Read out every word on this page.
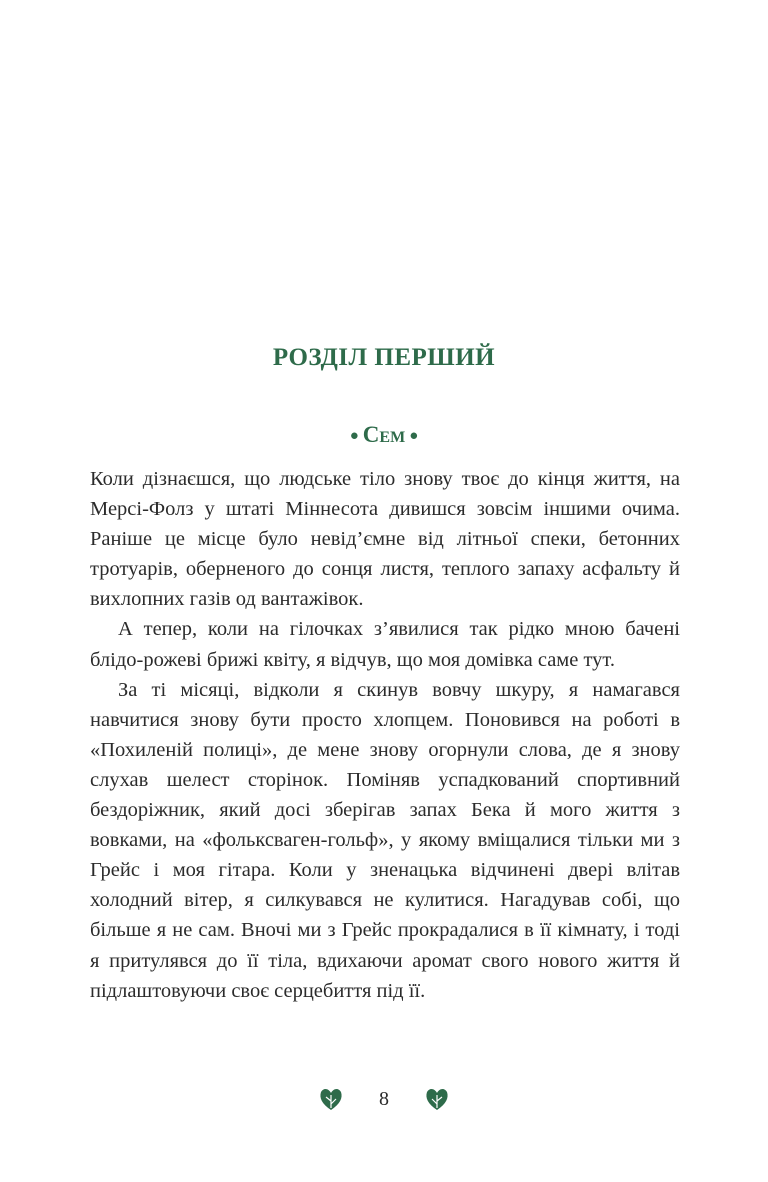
РОЗДІЛ ПЕРШИЙ
● Сем ●

Коли дізнаєшся, що людське тіло знову твоє до кінця життя, на Мерсі-Фолз у штаті Міннесота дивишся зовсім іншими очима. Раніше це місце було невід’ємне від літньої спеки, бетонних тротуарів, оберненого до сонця листя, теплого запаху асфальту й вихлопних газів од вантажівок.

А тепер, коли на гілочках з’явилися так рідко мною бачені блідо-рожеві брижі квіту, я відчув, що моя домівка саме тут.

За ті місяці, відколи я скинув вовчу шкуру, я намагався навчитися знову бути просто хлопцем. Поновився на роботі в «Похиленій полиці», де мене знову огорнули слова, де я знову слухав шелест сторінок. Поміняв успадкований спортивний бездоріжник, який досі зберігав запах Бека й мого життя з вовками, на «фольксваген-гольф», у якому вміщалися тільки ми з Грейс і моя гітара. Коли у зненацька відчинені двері влітав холодний вітер, я силкувався не кулитися. Нагадував собі, що більше я не сам. Вночі ми з Грейс прокрадалися в її кімнату, і тоді я притулявся до її тіла, вдихаючи аромат свого нового життя й підлаштовуючи своє серцебиття під її.

8
